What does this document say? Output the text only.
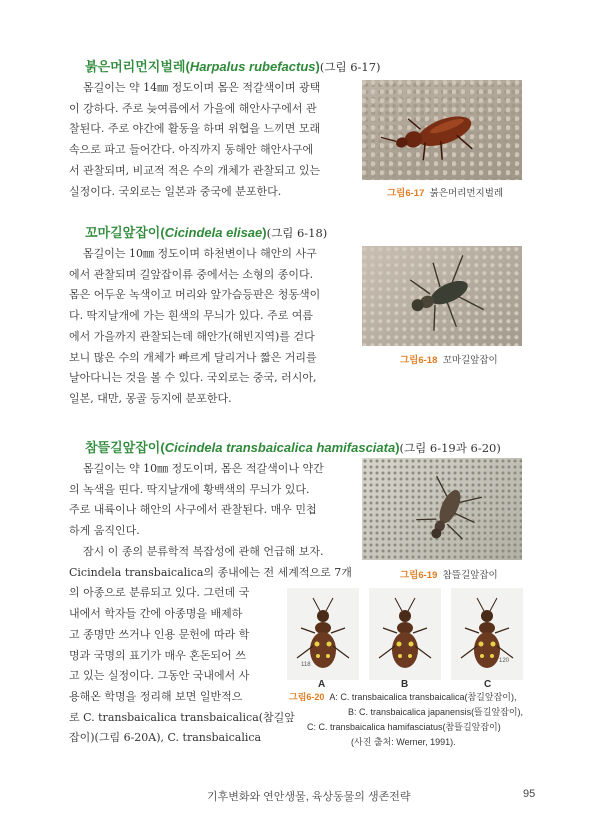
붉은머리먼지벌레(Harpalus rubefactus)(그림 6-17)

몸길이는 약 14㎜ 정도이며 몸은 적갈색이며 광택

이 강하다. 주로 늦여름에서 가을에 해안사구에서 관

찰된다. 주로 야간에 활동을 하며 위협을 느끼면 모래

속으로 파고 들어간다. 아직까지 동해안 해안사구에

서 관찰되며, 비교적 적은 수의 개체가 관찰되고 있는

실정이다. 국외로는 일본과 중국에 분포한다.	그림6-17 붉은머리먼지벌레
꼬마길앞잡이(Cicindela elisae)(그림 6-18)

몸길이는 10㎜ 정도이며 하천변이나 해안의 사구

에서 관찰되며 길앞잡이류 중에서는 소형의 종이다.

몸은 어두운 녹색이고 머리와 앞가슴등판은 청동색이

다. 딱지날개에 가는 흰색의 무늬가 있다. 주로 여름

에서 가을까지 관찰되는데 해안가(해빈지역)를 걷다

보니 많은 수의 개체가 빠르게 달리거나 짧은 거리를

날아다니는 것을 볼 수 있다. 국외로는 중국, 러시아,

일본, 대만, 몽골 등지에 분포한다.

그림6-18 꼬마길앞잡이
참뜰길앞잡이(Cicindela transbaicalica hamifasciata)(그림 6-19과 6-20)

몸길이는 약 10㎜ 정도이며, 몸은 적갈색이나 약간

의 녹색을 띤다. 딱지날개에 황백색의 무늬가 있다.

주로 내륙이나 해안의 사구에서 관찰된다. 매우 민첩

하게 움직인다.

잠시 이 종의 분류학적 복잡성에 관해 언급해 보자.

Cicindela transbaicalica의 종내에는 전 세계적으로 7개

의 아종으로 분류되고 있다. 그런데 국

내에서 학자들 간에 아종명을 배제하

고 종명만 쓰거나 인용 문헌에 따라 학

명과 국명의 표기가 매우 혼돈되어 쓰

고 있는 실정이다. 그동안 국내에서 사

용해온 학명을 정리해 보면 일반적으

로 C. transbaicalica transbaicalica(참길앞

잡이)(그림 6-20A), C. transbaicalica

그림6-19 참뜰길앞잡이
118
120
A	B	C
그림6-20 A: C. transbaicalica transbaicalica(참길앞잡이),
B: C. transbaicalica japanensis(뜰길앞잡이),
C: C. transbaicalica hamifasciatus(참뜰길앞잡이)
(사진 출처: Werner, 1991).
기후변화와 연안생물, 육상동물의 생존전략	95
